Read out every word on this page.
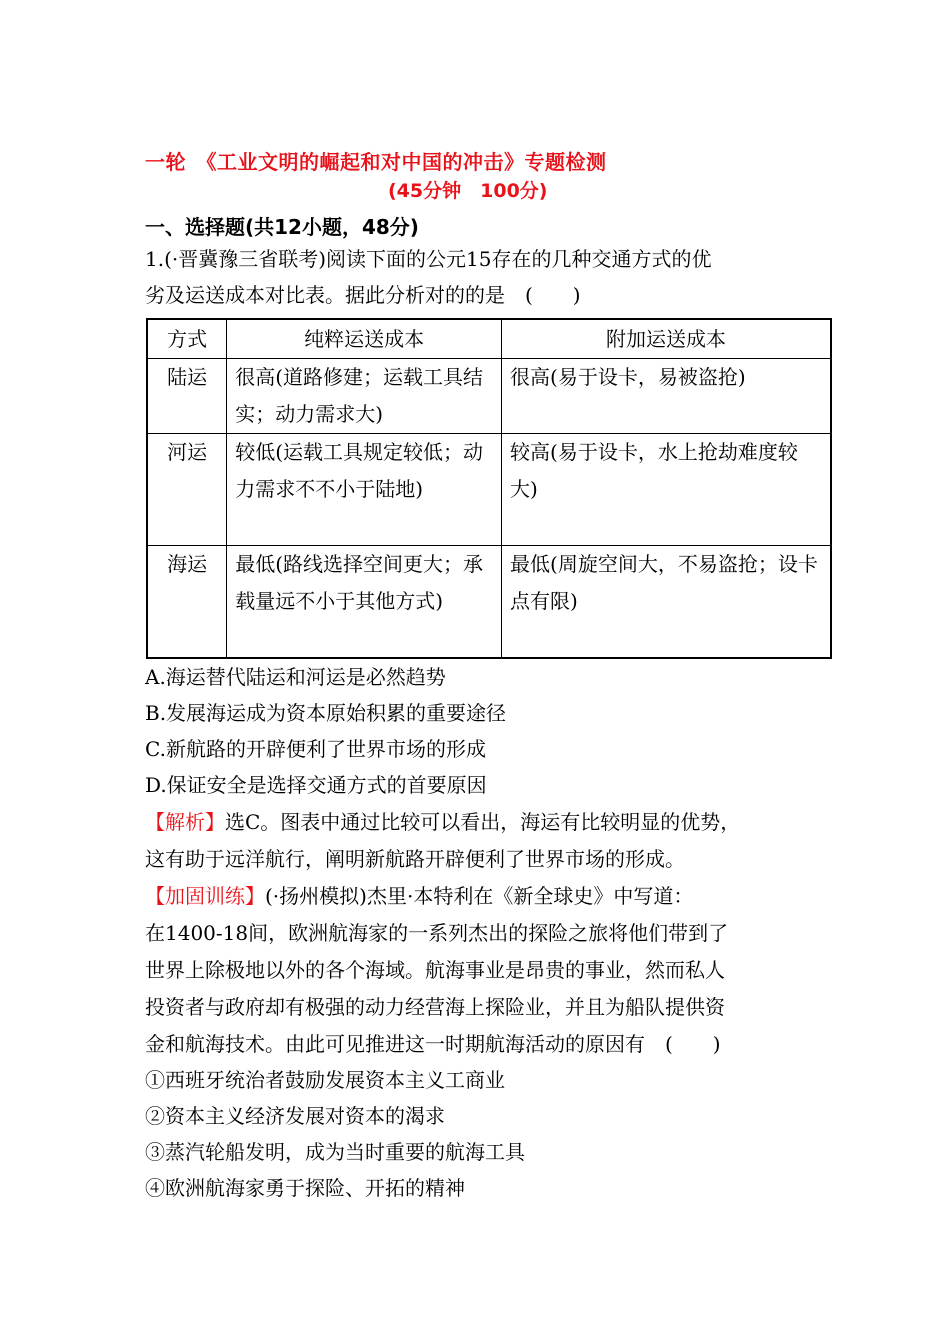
一轮　《工业文明的崛起和对中国的冲击》专题检测
(45分钟　100分)
一、选择题(共12小题，48分)
1.(·晋冀豫三省联考)阅读下面的公元15存在的几种交通方式的优
劣及运送成本对比表。据此分析对的的是　(　　)
方式	纯粹运送成本	附加运送成本
陆运	很高(道路修建；运载工具结实；动力需求大)	很高(易于设卡，易被盗抢)

河运	较低(运载工具规定较低；动力需求不不小于陆地)	较高(易于设卡，水上抢劫难度较大)

海运	最低(路线选择空间更大；承载量远不小于其他方式)	最低(周旋空间大，不易盗抢；设卡点有限)
A.海运替代陆运和河运是必然趋势
B.发展海运成为资本原始积累的重要途径
C.新航路的开辟便利了世界市场的形成
D.保证安全是选择交通方式的首要原因
【解析】选C。图表中通过比较可以看出，海运有比较明显的优势，
这有助于远洋航行，阐明新航路开辟便利了世界市场的形成。
【加固训练】(·扬州模拟)杰里·本特利在《新全球史》中写道：
在1400-18间，欧洲航海家的一系列杰出的探险之旅将他们带到了
世界上除极地以外的各个海域。航海事业是昂贵的事业，然而私人
投资者与政府却有极强的动力经营海上探险业，并且为船队提供资
金和航海技术。由此可见推进这一时期航海活动的原因有　(　　)
①西班牙统治者鼓励发展资本主义工商业
②资本主义经济发展对资本的渴求
③蒸汽轮船发明，成为当时重要的航海工具
④欧洲航海家勇于探险、开拓的精神
